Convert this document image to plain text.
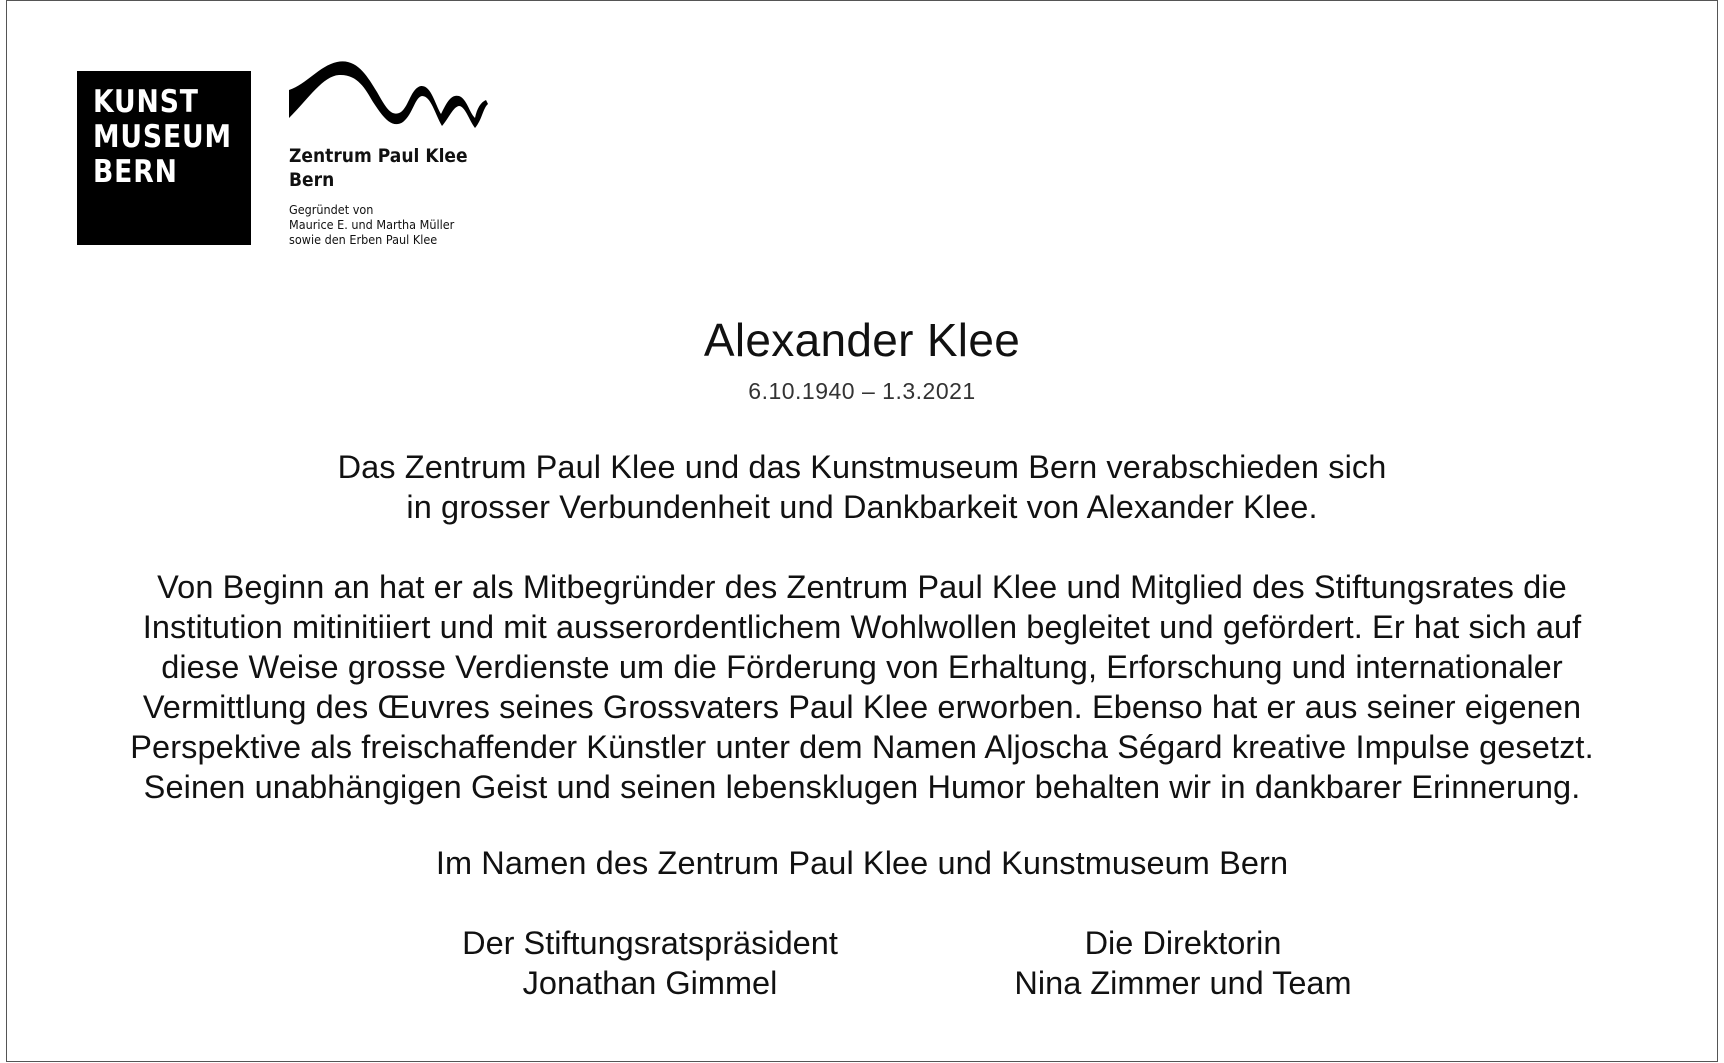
KUNST
MUSEUM
BERN	Zentrum Paul Klee
Bern
Gegründet von
Maurice E. und Martha Müller
sowie den Erben Paul Klee
Alexander Klee
6.10.1940 – 1.3.2021
Das Zentrum Paul Klee und das Kunstmuseum Bern verabschieden sich
in grosser Verbundenheit und Dankbarkeit von Alexander Klee.
Von Beginn an hat er als Mitbegründer des Zentrum Paul Klee und Mitglied des Stiftungsrates die
Institution mitinitiiert und mit ausserordentlichem Wohlwollen begleitet und gefördert. Er hat sich auf
diese Weise grosse Verdienste um die Förderung von Erhaltung, Erforschung und internationaler
Vermittlung des Œuvres seines Grossvaters Paul Klee erworben. Ebenso hat er aus seiner eigenen
Perspektive als freischaffender Künstler unter dem Namen Aljoscha Ségard kreative Impulse gesetzt.
Seinen unabhängigen Geist und seinen lebensklugen Humor behalten wir in dankbarer Erinnerung.
Im Namen des Zentrum Paul Klee und Kunstmuseum Bern
Der Stiftungsratspräsident
Jonathan Gimmel
Die Direktorin
Nina Zimmer und Team
